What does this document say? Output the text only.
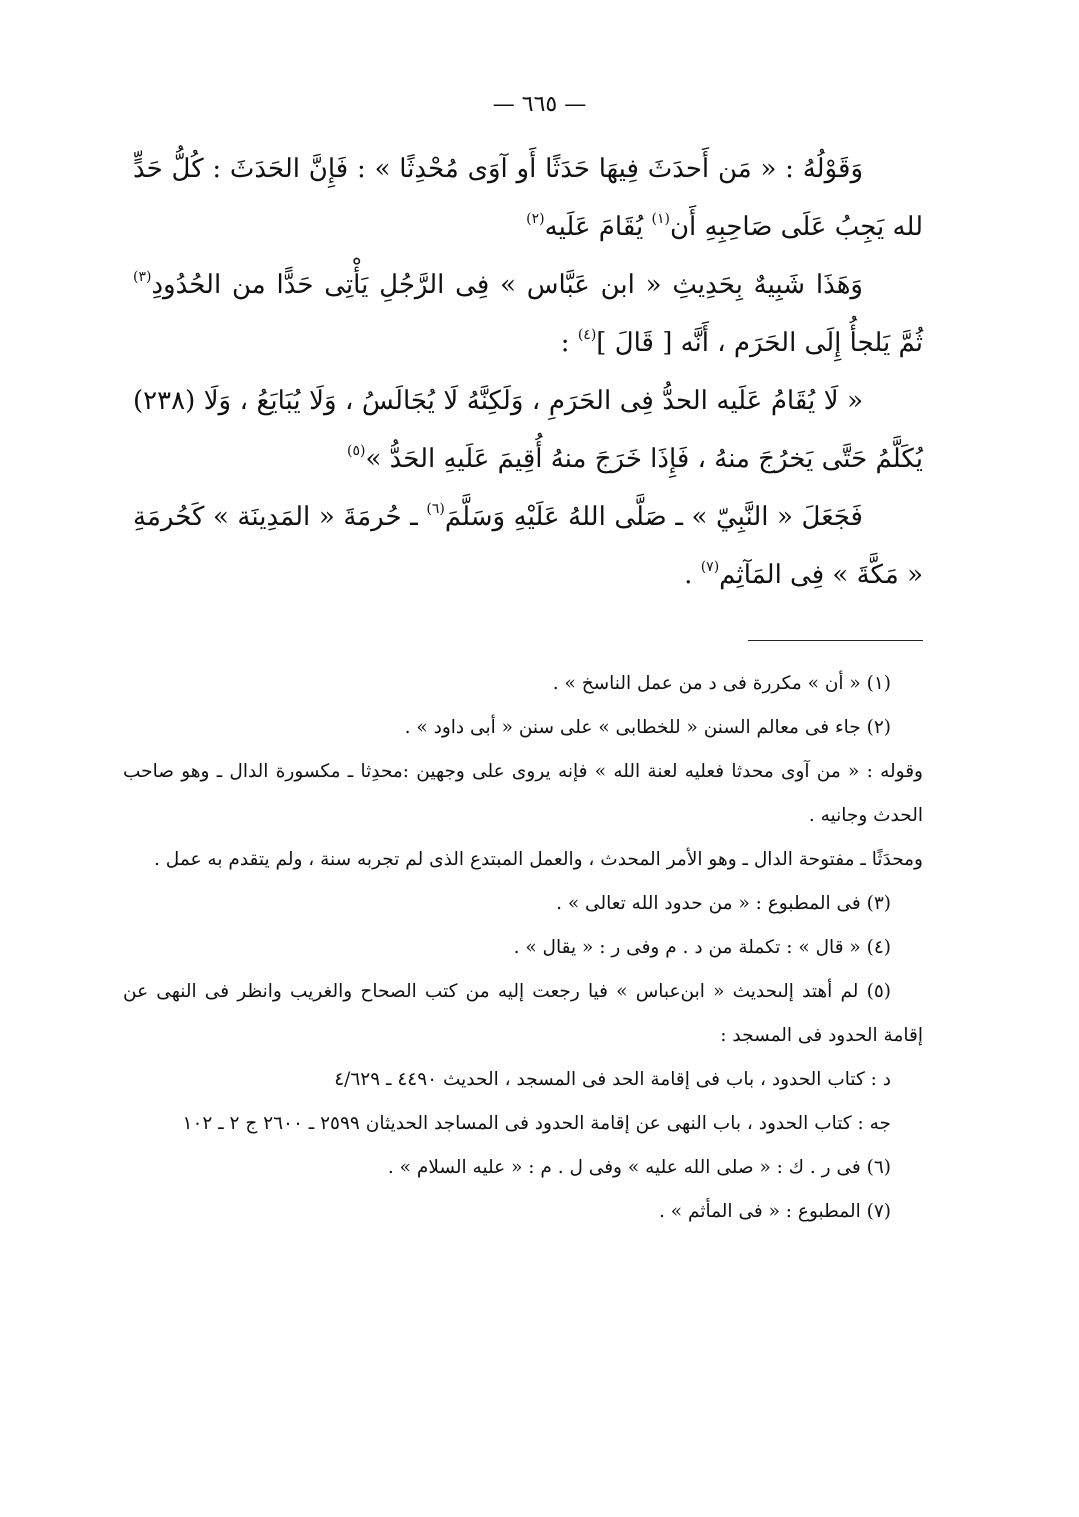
— ٦٦٥ —

وَقَوْلُهُ : « مَن أَحدَثَ فِيهَا حَدَثًا أَو آوَى مُحْدِثًا » : فَإِنَّ الحَدَثَ : كُلُّ حَدٍّ لله يَجِبُ عَلَى صَاحِبِهِ أَن$^{(١)}$ يُقَامَ عَلَيه$^{(٢)}$

وَهَذَا شَبِيهٌ بِحَدِيثِ « ابن عَبَّاس » فِى الرَّجُلِ يَأْتِى حَدًّا من الحُدُودِ$^{(٣)}$ ثُمَّ يَلجأُ إِلَى الحَرَم ، أَنَّه [ قَالَ ]$^{(٤)}$ :

« لَا يُقَامُ عَلَيه الحدُّ فِى الحَرَمِ ، وَلَكِنَّهُ لَا يُجَالَسُ ، وَلَا يُبَايَعُ ، وَلَا (٢٣٨) يُكَلَّمُ حَتَّى يَخرُجَ منهُ ، فَإِذَا خَرَجَ منهُ أُقِيمَ عَلَيهِ الحَدُّ »$^{(٥)}$

فَجَعَلَ « النَّبِيّ » ـ صَلَّى اللهُ عَلَيْهِ وَسَلَّمَ$^{(٦)}$ ـ حُرمَةَ « المَدِينَة » كَحُرمَةِ « مَكَّةَ » فِى المَآثِم$^{(٧)}$ .

(١) « أن » مكررة فى د من عمل الناسخ » .

(٢) جاء فى معالم السنن « للخطابى » على سنن « أبى داود » .

وقوله : « من آوى محدثا فعليه لعنة الله » فإنه يروى على وجهين :محدِثا ـ مكسورة الدال ـ وهو صاحب الحدث وجانيه .

ومحدَثًا ـ مفتوحة الدال ـ وهو الأمر المحدث ، والعمل المبتدع الذى لم تجربه سنة ، ولم يتقدم به عمل .

(٣) فى المطبوع : « من حدود الله تعالى » .

(٤) « قال » : تكملة من د . م وفى ر : « يقال » .

(٥) لم أهتد إلىحديث « ابن‌عباس » فيا رجعت إليه من كتب الصحاح والغريب وانظر فى النهى عن إقامة الحدود فى المسجد :

د : كتاب الحدود ، باب فى إقامة الحد فى المسجد ، الحديث ٤٤٩٠ ـ ٤/٦٢٩

جه : كتاب الحدود ، باب النهى عن إقامة الحدود فى المساجد الحديثان ٢٥٩٩ ـ ٢٦٠٠ ج ٢ ـ ١٠٢

(٦) فى ر . ك : « صلى الله عليه » وفى ل . م : « عليه السلام » .

(٧) المطبوع : « فى المأثم » .
